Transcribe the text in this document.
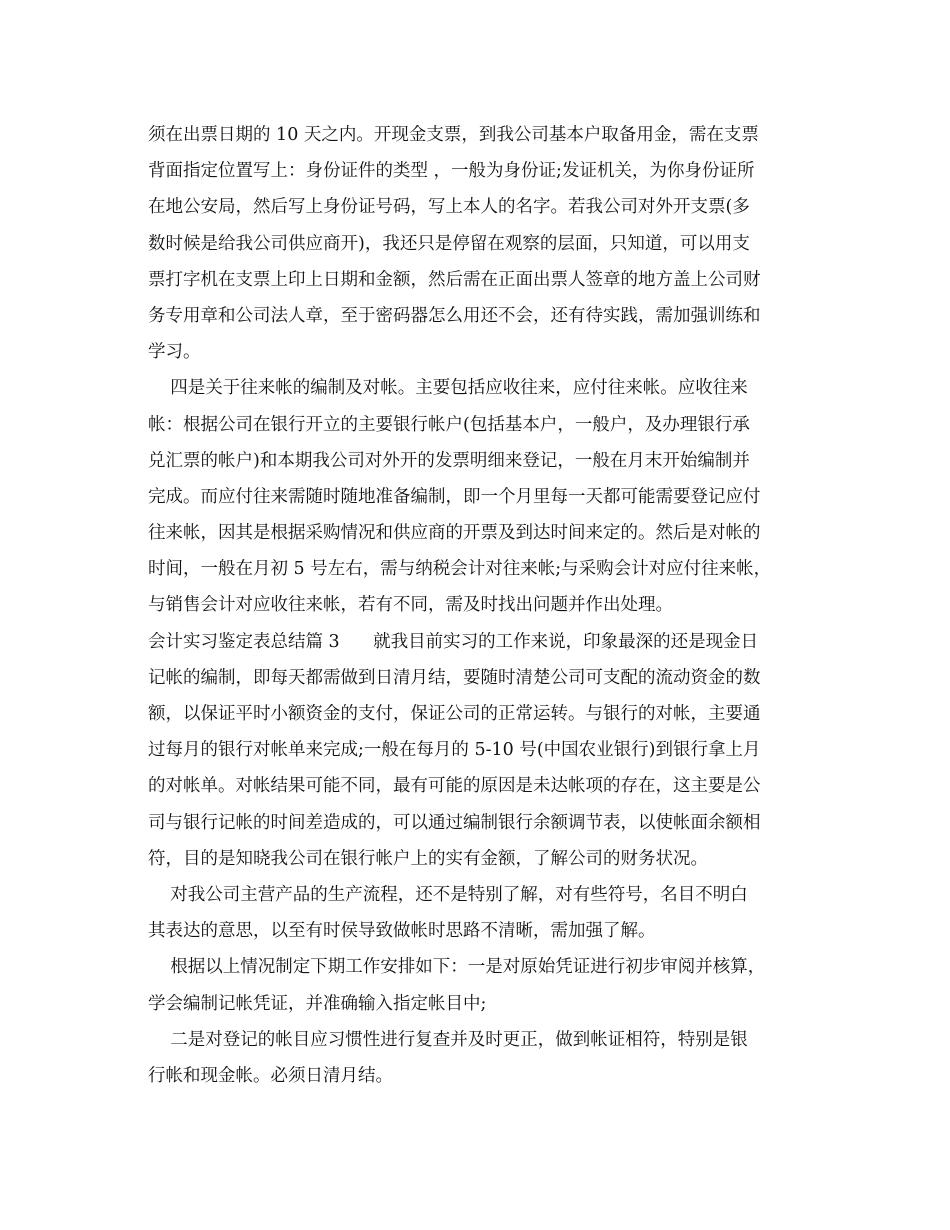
须在出票日期的 10 天之内。开现金支票，到我公司基本户取备用金，需在支票
背面指定位置写上：身份证件的类型 ，一般为身份证;发证机关，为你身份证所
在地公安局，然后写上身份证号码，写上本人的名字。若我公司对外开支票(多
数时候是给我公司供应商开)，我还只是停留在观察的层面，只知道，可以用支
票打字机在支票上印上日期和金额，然后需在正面出票人签章的地方盖上公司财
务专用章和公司法人章，至于密码器怎么用还不会，还有待实践，需加强训练和
学习。
四是关于往来帐的编制及对帐。主要包括应收往来，应付往来帐。应收往来
帐：根据公司在银行开立的主要银行帐户(包括基本户，一般户，及办理银行承
兑汇票的帐户)和本期我公司对外开的发票明细来登记，一般在月末开始编制并
完成。而应付往来需随时随地准备编制，即一个月里每一天都可能需要登记应付
往来帐，因其是根据采购情况和供应商的开票及到达时间来定的。然后是对帐的
时间，一般在月初 5 号左右，需与纳税会计对往来帐;与采购会计对应付往来帐，
与销售会计对应收往来帐，若有不同，需及时找出问题并作出处理。
会计实习鉴定表总结篇 3      就我目前实习的工作来说，印象最深的还是现金日
记帐的编制，即每天都需做到日清月结，要随时清楚公司可支配的流动资金的数
额，以保证平时小额资金的支付，保证公司的正常运转。与银行的对帐，主要通
过每月的银行对帐单来完成;一般在每月的 5-10 号(中国农业银行)到银行拿上月
的对帐单。对帐结果可能不同，最有可能的原因是未达帐项的存在，这主要是公
司与银行记帐的时间差造成的，可以通过编制银行余额调节表，以使帐面余额相
符，目的是知晓我公司在银行帐户上的实有金额，了解公司的财务状况。
对我公司主营产品的生产流程，还不是特别了解，对有些符号，名目不明白
其表达的意思，以至有时侯导致做帐时思路不清晰，需加强了解。
根据以上情况制定下期工作安排如下：一是对原始凭证进行初步审阅并核算，
学会编制记帐凭证，并准确输入指定帐目中;
二是对登记的帐目应习惯性进行复查并及时更正，做到帐证相符，特别是银
行帐和现金帐。必须日清月结。
